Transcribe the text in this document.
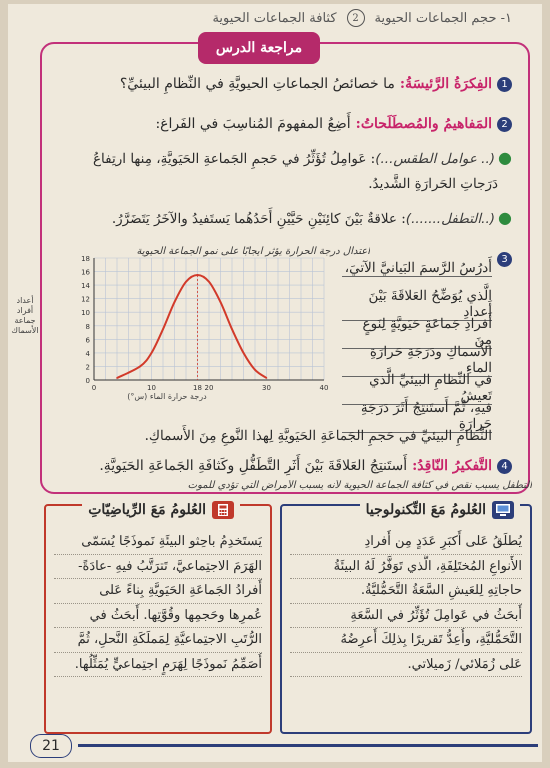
١- حجم الجماعات الحيوية
2
كثافة الجماعات الحيوية
مراجعة الدرس
1
الفِكرَةُ الرَّئيسَةُ:
ما خصائصُ الجماعاتِ الحيويَّةِ في النِّظامِ البيئيِّ؟
2
المَفاهيمُ والمُصطَلَحاتُ:
أَضِعُ المفهومَ المُناسِبَ في الفَراغ:
●(.. عوامل الطقس...): عَوامِلُ تُؤَثِّرُ في حَجمِ الجَماعةِ الحَيَويَّةِ، مِنها ارتِفاعُ
دَرَجاتِ الحَرارَةِ الشَّديدُ.
●(..التطفل.......): علاقةٌ بَيْنَ كائِنَيْنِ حَيَّيْنِ أَحَدُهُما يَستَفيدُ والآخَرُ يَتَضَرَّرُ.
3
اعتدال درجة الحرارة يؤثر ايجابًا على نمو الجماعة الحيوية
أَدرُسُ الرَّسمَ البَيانيَّ الآتيَ،
الَّذي يُوَضِّحُ العَلاقَةَ بَيْنَ أَعدادِ
أَفرادِ جَماعَةٍ حَيَويَّةٍ لِنَوعٍ مِنَ
الأَسماكِ ودَرَجَةِ حَرارَةِ الماءِ
في النِّظامِ البيئيِّ الَّذي تَعيشُ
فيهِ، ثُمَّ أَستَنتِجُ أَثَرَ دَرَجَةِ حَرارَةِ
النِّظامِ البيئيِّ في حَجمِ الجَماعَةِ الحَيَويَّةِ لِهذا النَّوعِ مِنَ الأَسماكِ.
0
2
4
6
8
10
12
14
16
18
0	10	18 20	30	40
أعداد أفراد جماعة الأسماك
درجة حرارة الماء (س°)
4
التَّفكيرُ النّاقِدُ:
أَستَنتِجُ العَلاقَةَ بَيْنَ أَثَرِ التَّطَفُّلِ وكَثافَةِ الجَماعَةِ الحَيَويَّةِ.
التطفل يسبب نقص في كثافة الجماعة الحيوية لأنه يسبب الأمراض التي تؤدي للموت
العُلومُ مَعَ الرِّياضِيّاتِ
يَستَخدِمُ باحِثو البيئَةِ نَموذَجًا يُسَمّى
الهَرَمَ الاجتِماعيَّ، تَترَتَّبُ فيهِ -عادَةً-
أَفرادُ الجَماعَةِ الحَيَويَّةِ بِناءً عَلى
عُمرِها وحَجمِها وقُوَّتِها. أَبحَثُ في
الرُّتَبِ الاجتِماعيَّةِ لِمَملَكَةِ النَّحلِ، ثُمَّ
أُصَمِّمُ نَموذَجًا لِهَرَمٍ اجتِماعيٍّ يُمَثِّلُها.
العُلومُ مَعَ التِّكنولوجيا
يُطلَقُ عَلى أَكبَرِ عَدَدٍ مِن أَفرادِ
الأَنواعِ المُختَلِفَةِ، الَّذي تَوَفَّرُ لَهُ البيئَةُ
حاجاتِهِ لِلعَيشِ السَّعَةُ التَّحَمُّليَّةُ.
أَبحَثُ في عَوامِلَ تُؤَثِّرُ في السَّعَةِ
التَّحَمُّليَّةِ، وأُعِدُّ تَقريرًا بِذلِكَ أَعرِضُهُ
عَلى زُمَلائي/ زَميلاتي.
21
